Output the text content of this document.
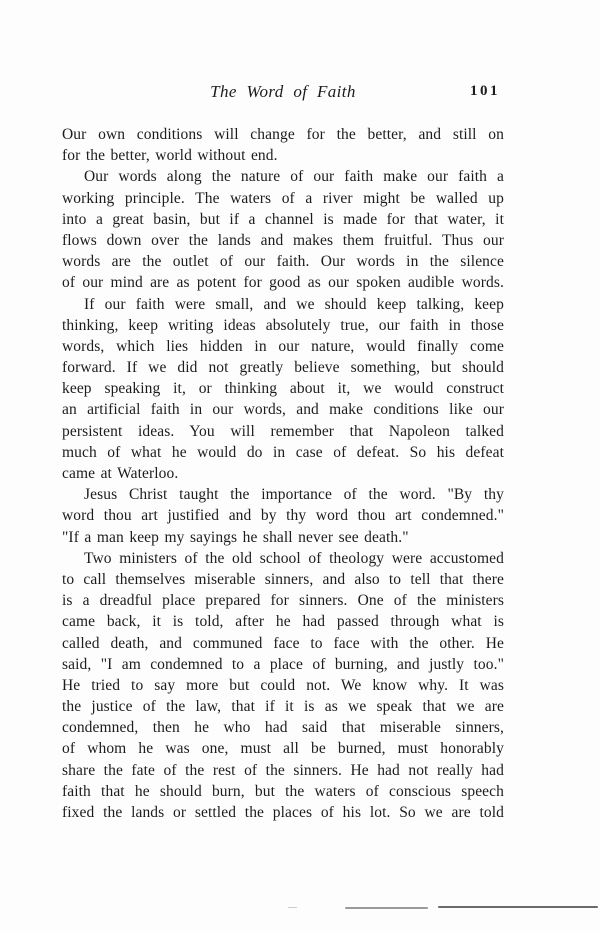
The Word of Faith	101
Our own conditions will change for the better, and still on
for the better, world without end.
Our words along the nature of our faith make our faith a
working principle. The waters of a river might be walled up
into a great basin, but if a channel is made for that water, it
flows down over the lands and makes them fruitful. Thus our
words are the outlet of our faith. Our words in the silence
of our mind are as potent for good as our spoken audible words.
If our faith were small, and we should keep talking, keep
thinking, keep writing ideas absolutely true, our faith in those
words, which lies hidden in our nature, would finally come
forward. If we did not greatly believe something, but should
keep speaking it, or thinking about it, we would construct
an artificial faith in our words, and make conditions like our
persistent ideas. You will remember that Napoleon talked
much of what he would do in case of defeat. So his defeat
came at Waterloo.
Jesus Christ taught the importance of the word. "By thy
word thou art justified and by thy word thou art condemned."
"If a man keep my sayings he shall never see death."
Two ministers of the old school of theology were accustomed
to call themselves miserable sinners, and also to tell that there
is a dreadful place prepared for sinners. One of the ministers
came back, it is told, after he had passed through what is
called death, and communed face to face with the other. He
said, "I am condemned to a place of burning, and justly too."
He tried to say more but could not. We know why. It was
the justice of the law, that if it is as we speak that we are
condemned, then he who had said that miserable sinners,
of whom he was one, must all be burned, must honorably
share the fate of the rest of the sinners. He had not really had
faith that he should burn, but the waters of conscious speech
fixed the lands or settled the places of his lot. So we are told
